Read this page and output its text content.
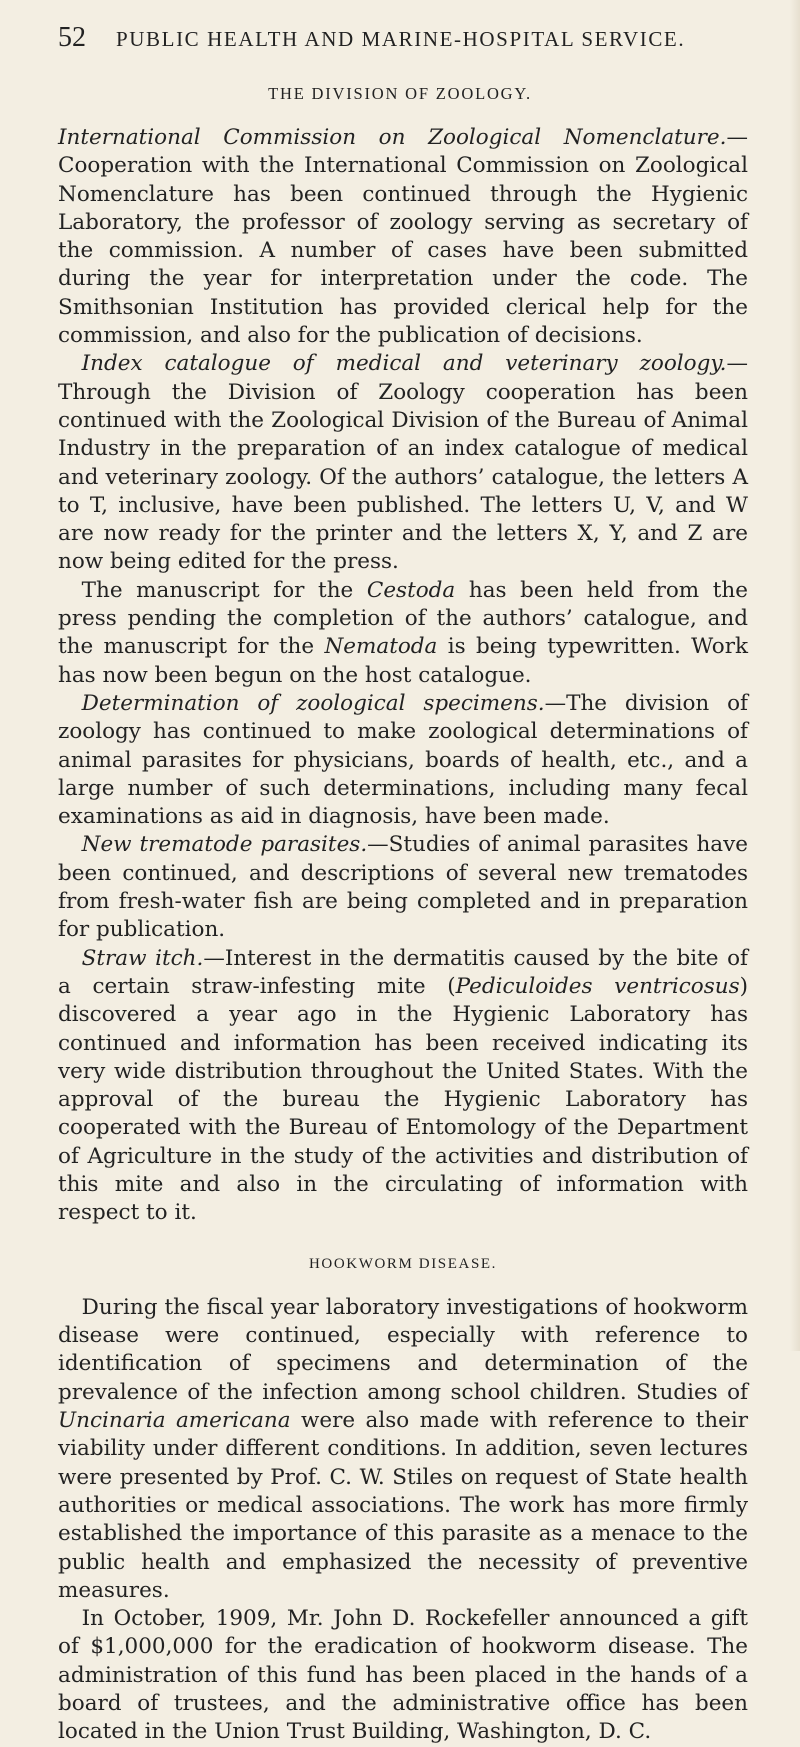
52	PUBLIC HEALTH AND MARINE-HOSPITAL SERVICE.
THE DIVISION OF ZOOLOGY.

International Commission on Zoological Nomenclature.—Cooperation with the International Commission on Zoological Nomenclature has been continued through the Hygienic Laboratory, the professor of zoology serving as secretary of the commission. A number of cases have been submitted during the year for interpretation under the code. The Smithsonian Institution has provided clerical help for the commission, and also for the publication of decisions.

Index catalogue of medical and veterinary zoology.—Through the Division of Zoology cooperation has been continued with the Zoological Division of the Bureau of Animal Industry in the preparation of an index catalogue of medical and veterinary zoology. Of the authors’ catalogue, the letters A to T, inclusive, have been published. The letters U, V, and W are now ready for the printer and the letters X, Y, and Z are now being edited for the press.

The manuscript for the Cestoda has been held from the press pending the completion of the authors’ catalogue, and the manuscript for the Nematoda is being typewritten. Work has now been begun on the host catalogue.

Determination of zoological specimens.—The division of zoology has continued to make zoological determinations of animal parasites for physicians, boards of health, etc., and a large number of such determinations, including many fecal examinations as aid in diagnosis, have been made.

New trematode parasites.—Studies of animal parasites have been continued, and descriptions of several new trematodes from fresh-water fish are being completed and in preparation for publication.

Straw itch.—Interest in the dermatitis caused by the bite of a certain straw-infesting mite (Pediculoides ventricosus) discovered a year ago in the Hygienic Laboratory has continued and information has been received indicating its very wide distribution throughout the United States. With the approval of the bureau the Hygienic Laboratory has cooperated with the Bureau of Entomology of the Department of Agriculture in the study of the activities and distribution of this mite and also in the circulating of information with respect to it.

HOOKWORM DISEASE.

During the fiscal year laboratory investigations of hookworm disease were continued, especially with reference to identification of specimens and determination of the prevalence of the infection among school children. Studies of Uncinaria americana were also made with reference to their viability under different conditions. In addition, seven lectures were presented by Prof. C. W. Stiles on request of State health authorities or medical associations. The work has more firmly established the importance of this parasite as a menace to the public health and emphasized the necessity of preventive measures.

In October, 1909, Mr. John D. Rockefeller announced a gift of $1,000,000 for the eradication of hookworm disease. The administration of this fund has been placed in the hands of a board of trustees, and the administrative office has been located in the Union Trust Building, Washington, D. C.
